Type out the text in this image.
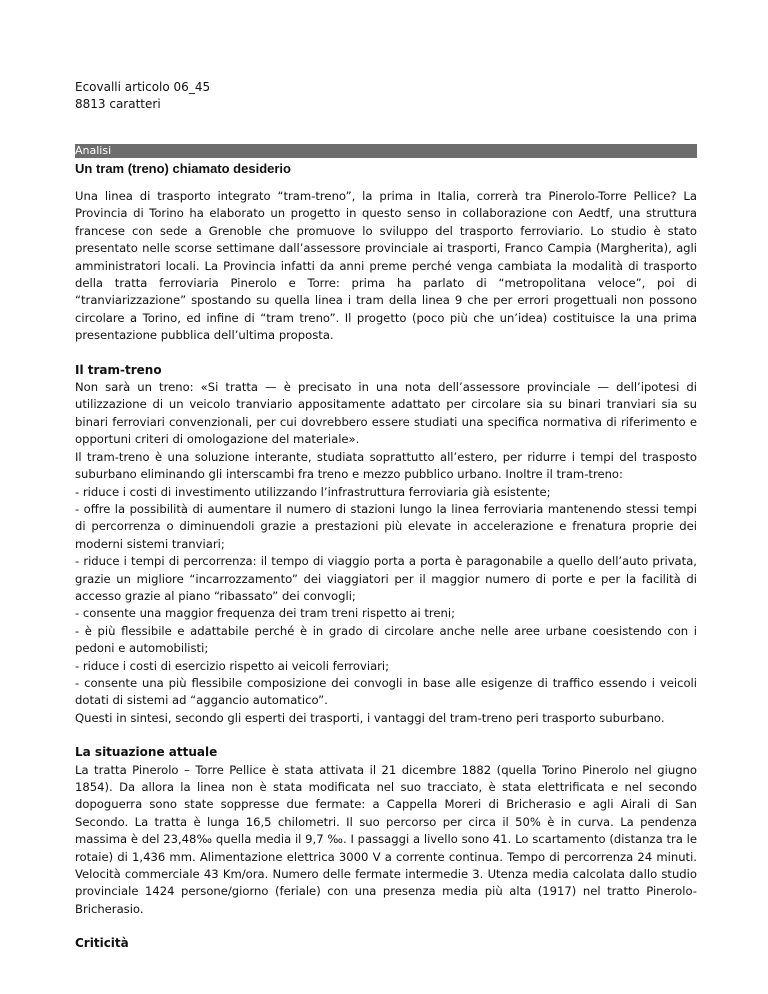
Ecovalli articolo 06_45
8813 caratteri
Analisi
Un tram (treno) chiamato desiderio

Una linea di trasporto integrato “tram-treno”, la prima in Italia, correrà tra Pinerolo-Torre Pellice? La Provincia di Torino ha elaborato un progetto in questo senso in collaborazione con Aedtf, una struttura francese con sede a Grenoble che promuove lo sviluppo del trasporto ferroviario. Lo studio è stato presentato nelle scorse settimane dall’assessore provinciale ai trasporti, Franco Campia (Margherita), agli amministratori locali. La Provincia infatti da anni preme perché venga cambiata la modalità di trasporto della tratta ferroviaria Pinerolo e Torre: prima ha parlato di “metropolitana veloce”, poi di “tranviarizzazione” spostando su quella linea i tram della linea 9 che per errori progettuali non possono circolare a Torino, ed infine di “tram treno”. Il progetto (poco più che un’idea) costituisce la una prima presentazione pubblica dell’ultima proposta.

Il tram-treno

Non sarà un treno: «Si tratta — è precisato in una nota dell’assessore provinciale — dell’ipotesi di utilizzazione di un veicolo tranviario appositamente adattato per circolare sia su binari tranviari sia su binari ferroviari convenzionali, per cui dovrebbero essere studiati una specifica normativa di riferimento e opportuni criteri di omologazione del materiale».

Il tram-treno è una soluzione interante, studiata soprattutto all’estero, per ridurre i tempi del trasposto suburbano eliminando gli interscambi fra treno e mezzo pubblico urbano. Inoltre il tram-treno:

- riduce i costi di investimento utilizzando l’infrastruttura ferroviaria già esistente;

- offre la possibilità di aumentare il numero di stazioni lungo la linea ferroviaria mantenendo stessi tempi di percorrenza o diminuendoli grazie a prestazioni più elevate in accelerazione e frenatura proprie dei moderni sistemi tranviari;

- riduce i tempi di percorrenza: il tempo di viaggio porta a porta è paragonabile a quello dell’auto privata, grazie un migliore “incarrozzamento” dei viaggiatori per il maggior numero di porte e per la facilità di accesso grazie al piano “ribassato” dei convogli;

- consente una maggior frequenza dei tram treni rispetto ai treni;

- è più flessibile e adattabile perché è in grado di circolare anche nelle aree urbane coesistendo con i pedoni e automobilisti;

- riduce i costi di esercizio rispetto ai veicoli ferroviari;

- consente una più flessibile composizione dei convogli in base alle esigenze di traffico essendo i veicoli dotati di sistemi ad “aggancio automatico”.

Questi in sintesi, secondo gli esperti dei trasporti, i vantaggi del tram-treno peri trasporto suburbano.

La situazione attuale

La tratta Pinerolo – Torre Pellice è stata attivata il 21 dicembre 1882 (quella Torino Pinerolo nel giugno 1854). Da allora la linea non è stata modificata nel suo tracciato, è stata elettrificata e nel secondo dopoguerra sono state soppresse due fermate: a Cappella Moreri di Bricherasio e agli Airali di San Secondo. La tratta è lunga 16,5 chilometri. Il suo percorso per circa il 50% è in curva. La pendenza massima è del 23,48‰ quella media il 9,7 ‰. I passaggi a livello sono 41. Lo scartamento (distanza tra le rotaie) di 1,436 mm. Alimentazione elettrica 3000 V a corrente continua. Tempo di percorrenza 24 minuti. Velocità commerciale 43 Km/ora. Numero delle fermate intermedie 3. Utenza media calcolata dallo studio provinciale 1424 persone/giorno (feriale) con una presenza media più alta (1917) nel tratto Pinerolo- Bricherasio.

Criticità
